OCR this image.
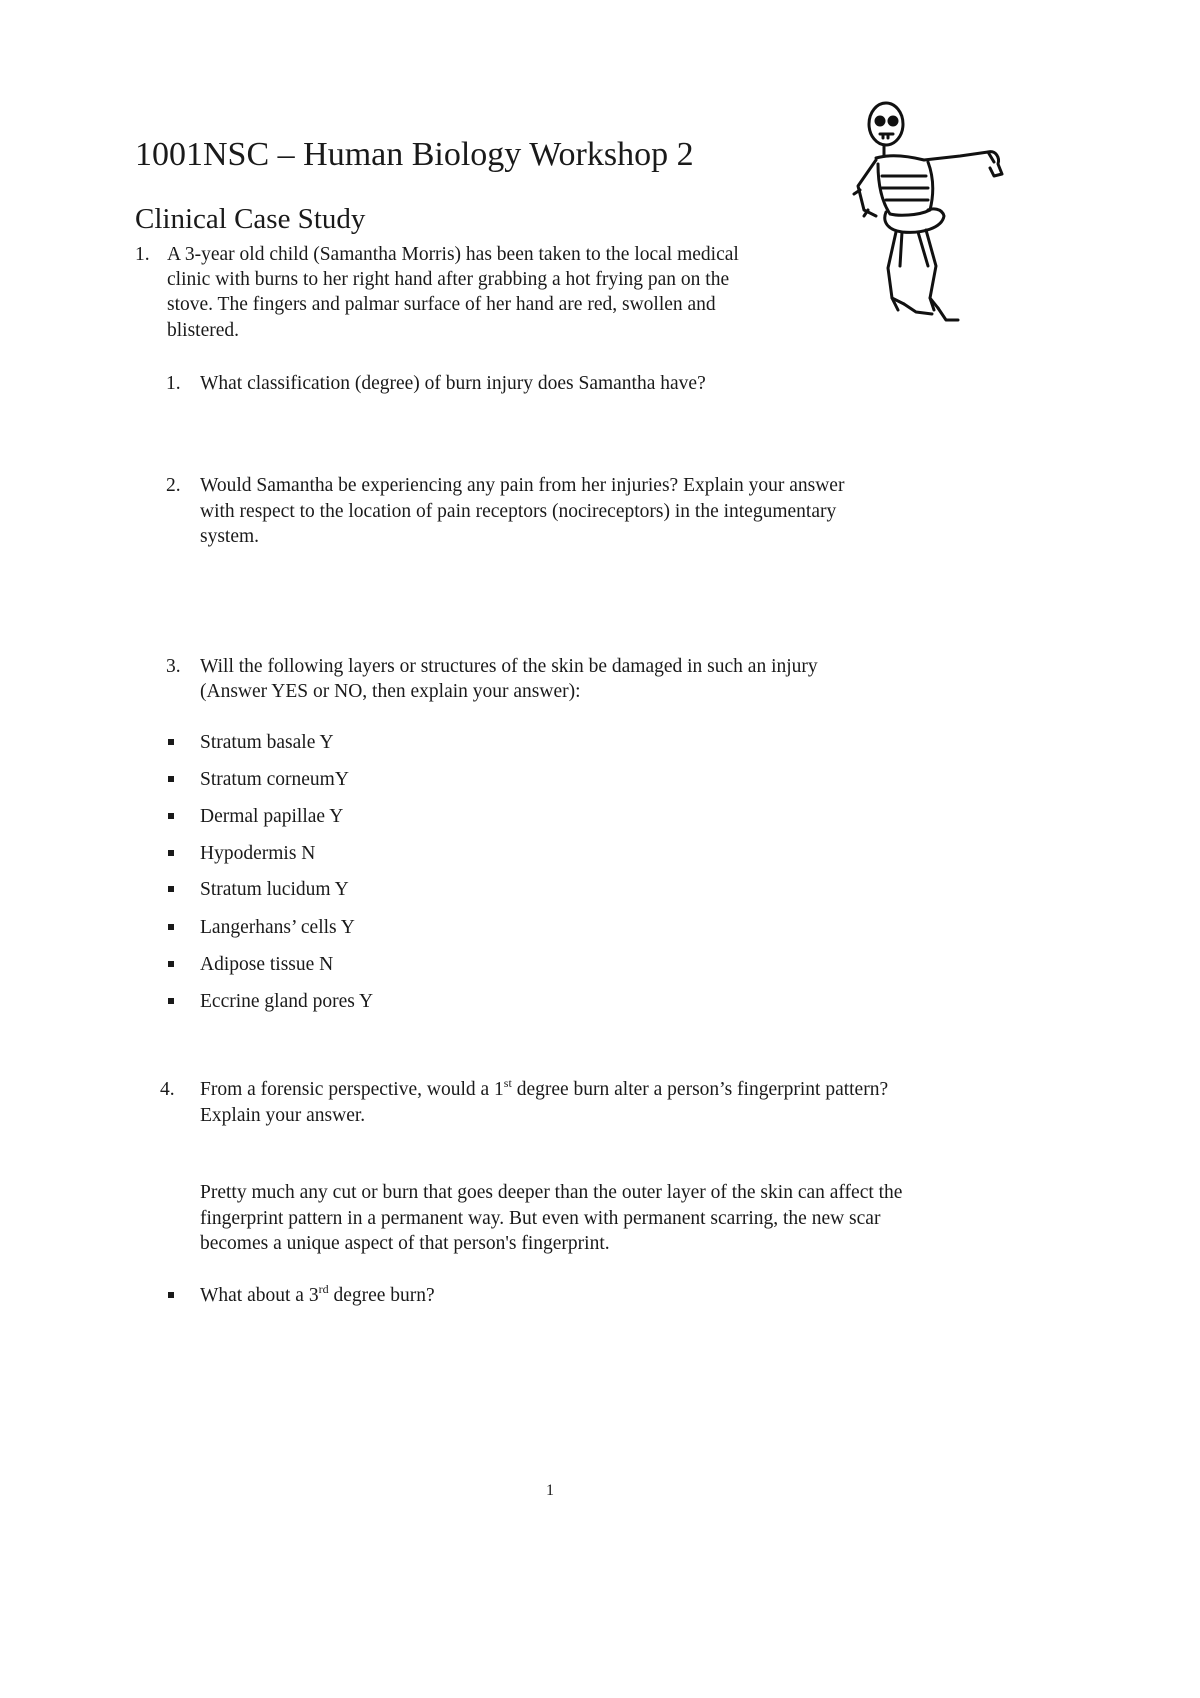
1001NSC – Human Biology Workshop 2
Clinical Case Study
1. A 3-year old child (Samantha Morris) has been taken to the local medical
clinic with burns to her right hand after grabbing a hot frying pan on the
stove. The fingers and palmar surface of her hand are red, swollen and
blistered.
1. What classification (degree) of burn injury does Samantha have?
2. Would Samantha be experiencing any pain from her injuries? Explain your answer
with respect to the location of pain receptors (nocireceptors) in the integumentary
system.
3. Will the following layers or structures of the skin be damaged in such an injury
(Answer YES or NO, then explain your answer):
Stratum basale Y
Stratum corneumY
Dermal papillae Y
Hypodermis N
Stratum lucidum Y
Langerhans’ cells Y
Adipose tissue N
Eccrine gland pores Y
4. From a forensic perspective, would a 1st degree burn alter a person’s fingerprint pattern?
Explain your answer.
Pretty much any cut or burn that goes deeper than the outer layer of the skin can affect the
fingerprint pattern in a permanent way. But even with permanent scarring, the new scar
becomes a unique aspect of that person's fingerprint.
What about a 3rd degree burn?
1
